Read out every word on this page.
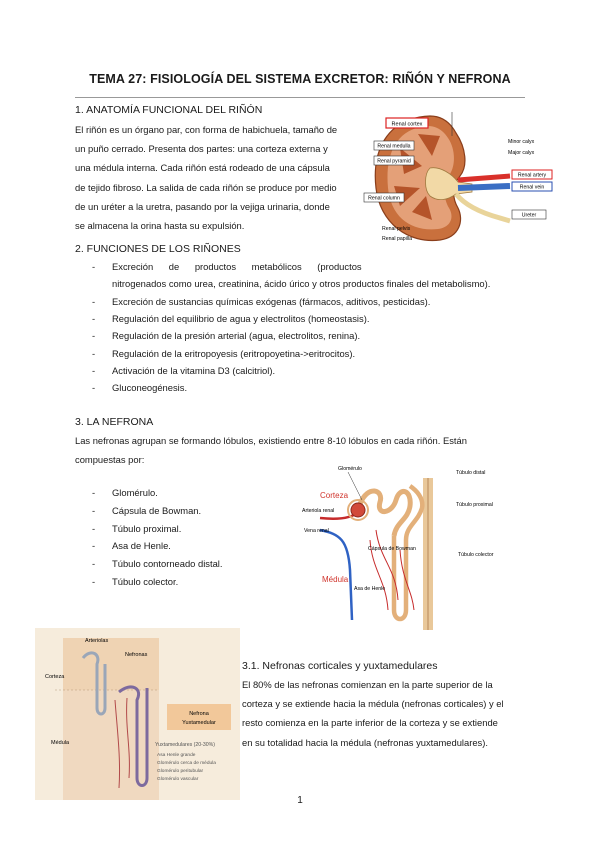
TEMA 27: FISIOLOGÍA DEL SISTEMA EXCRETOR: RIÑÓN Y NEFRONA
1. ANATOMÍA FUNCIONAL DEL RIÑÓN
El riñón es un órgano par, con forma de habichuela, tamaño de
un puño cerrado. Presenta dos partes: una corteza externa y
una médula interna. Cada riñón está rodeado de una cápsula
de tejido fibroso. La salida de cada riñón se produce por medio
de un uréter a la uretra, pasando por la vejiga urinaria, donde
se almacena la orina hasta su expulsión.
Renal cortex
Renal medulla
Renal pyramid
Renal column
Renal pelvis
Renal papilla
Minor calyx
Major calyx
Renal artery
Renal vein
Ureter
2. FUNCIONES DE LOS RIÑONES
- Excreción      de      productos      metabólicos      (productos
nitrogenados como urea, creatinina, ácido úrico y otros productos finales del metabolismo).
- Excreción de sustancias químicas exógenas (fármacos, aditivos, pesticidas).
- Regulación del equilibrio de agua y electrolitos (homeostasis).
- Regulación de la presión arterial (agua, electrolitos, renina).
- Regulación de la eritropoyesis (eritropoyetina->eritrocitos).
- Activación de la vitamina D3 (calcitriol).
- Gluconeogénesis.
3. LA NEFRONA
Las nefronas agrupan se formando lóbulos, existiendo entre 8-10 lóbulos en cada riñón. Están
compuestas por:
- Glomérulo.
- Cápsula de Bowman.
- Túbulo proximal.
- Asa de Henle.
- Túbulo contorneado distal.
- Túbulo colector.
Glomérulo
Túbulo distal
Corteza
Arteriola renal
Túbulo proximal
Vena renal
Cápsula de Bowman
Túbulo colector
Médula
Asa de Henle
Arteriolas
Nefronas
Corteza
Médula
Nefrona
Yuxtamedular
Yuxtamedulares (20-30%)
Asa Henle grande
Glomérulo cerca de médula
Glomérulo peritubular
Glomérulo vascular
3.1. Nefronas corticales y yuxtamedulares
El 80% de las nefronas comienzan en la parte superior de la
corteza y se extiende hacia la médula (nefronas corticales) y el
resto comienza en la parte inferior de la corteza y se extiende
en su totalidad hacia la médula (nefronas yuxtamedulares).
1
